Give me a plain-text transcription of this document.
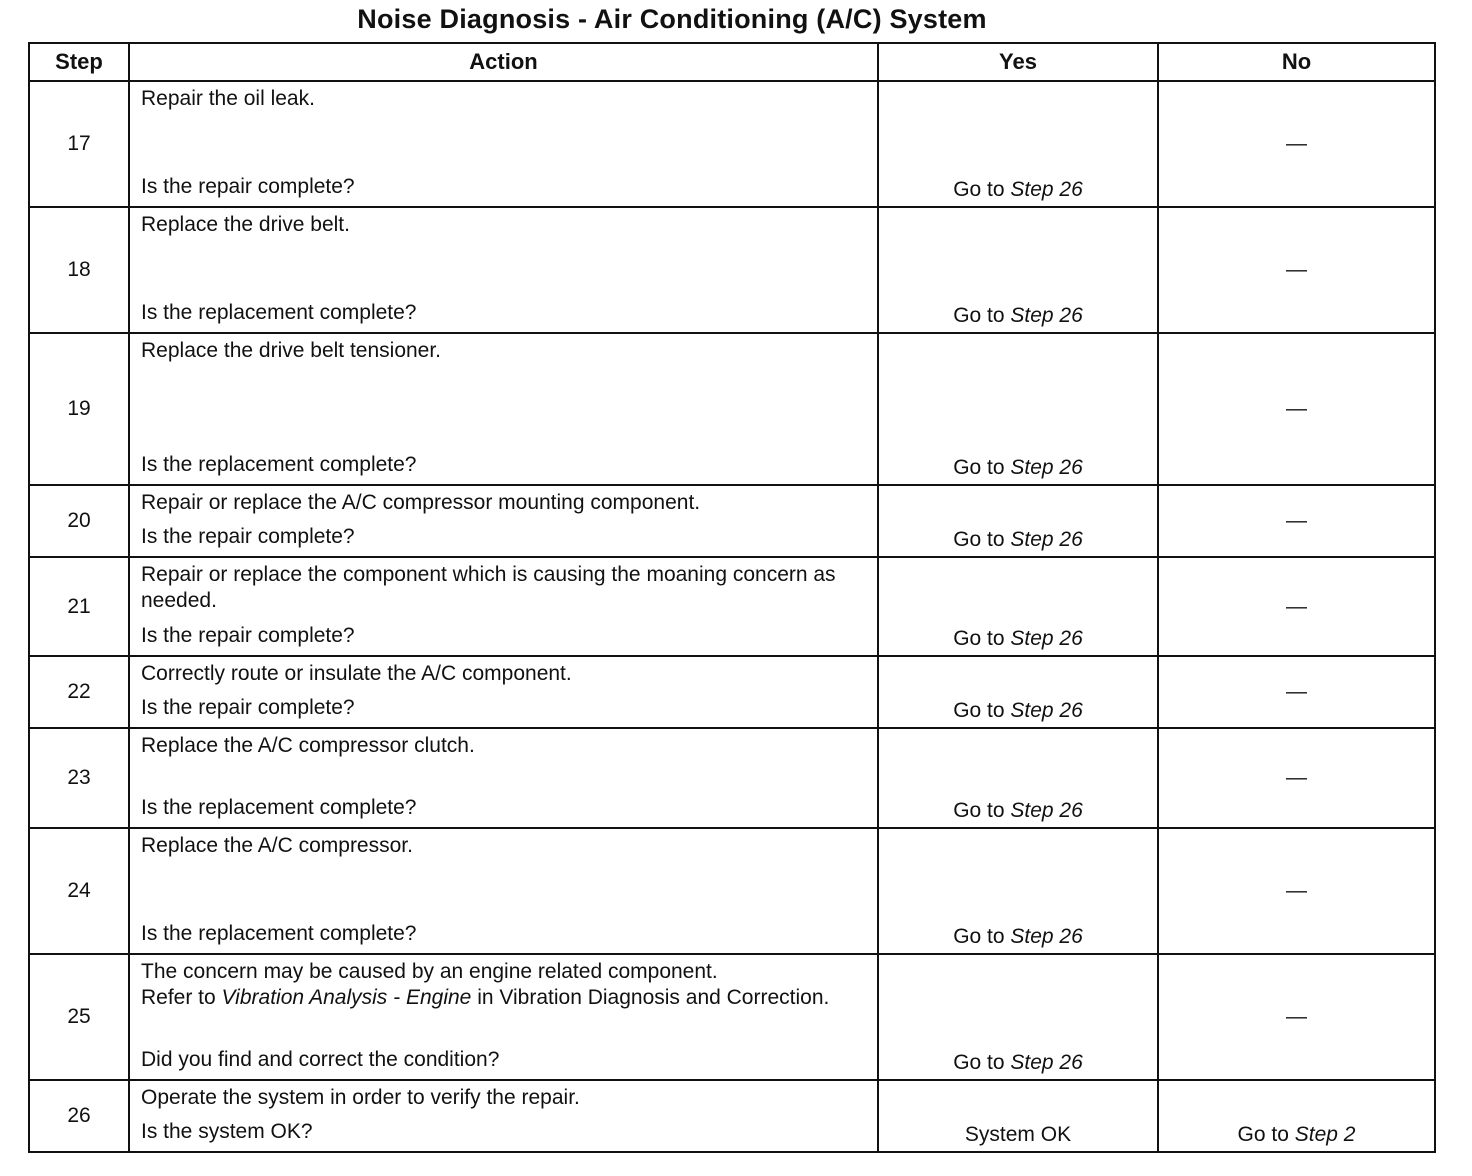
Noise Diagnosis - Air Conditioning (A/C) System
Step	Action	Yes	No
17	Repair the oil leak.
Is the repair complete?	Go to Step 26	—
18	Replace the drive belt.
Is the replacement complete?	Go to Step 26	—
19	Replace the drive belt tensioner.
Is the replacement complete?	Go to Step 26	—
20	Repair or replace the A/C compressor mounting component.
Is the repair complete?	Go to Step 26	—
21	Repair or replace the component which is causing the moaning concern as needed.
Is the repair complete?	Go to Step 26	—
22	Correctly route or insulate the A/C component.
Is the repair complete?	Go to Step 26	—
23	Replace the A/C compressor clutch.
Is the replacement complete?	Go to Step 26	—
24	Replace the A/C compressor.
Is the replacement complete?	Go to Step 26	—
25	The concern may be caused by an engine related component.
Refer to Vibration Analysis - Engine in Vibration Diagnosis and Correction.
Did you find and correct the condition?	Go to Step 26	—
26	Operate the system in order to verify the repair.
Is the system OK?	System OK	Go to Step 2
